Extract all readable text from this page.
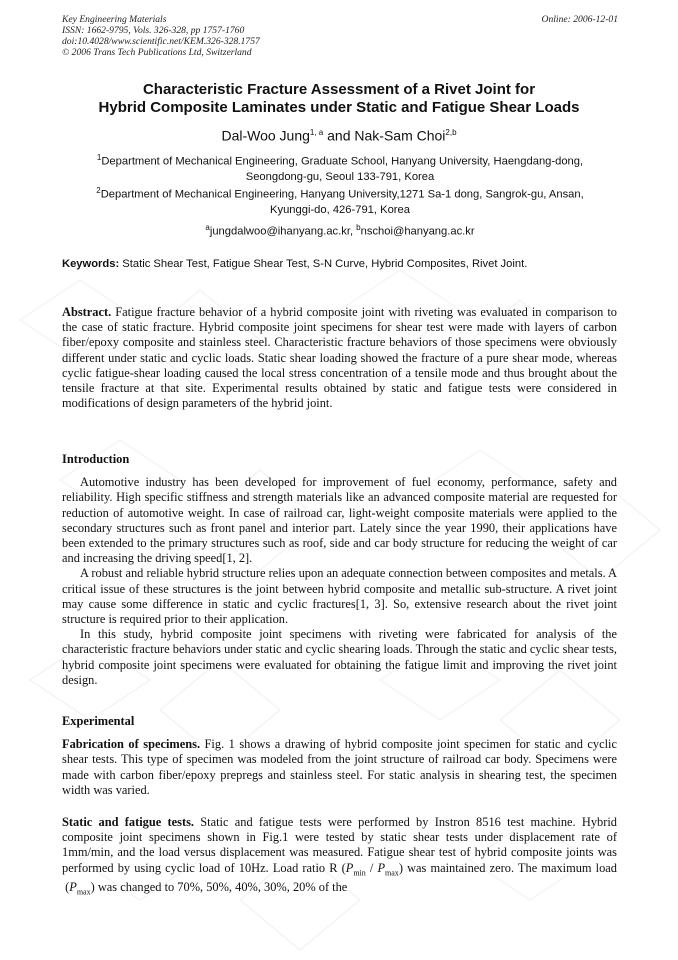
Key Engineering Materials
ISSN: 1662-9795, Vols. 326-328, pp 1757-1760
doi:10.4028/www.scientific.net/KEM.326-328.1757
© 2006 Trans Tech Publications Ltd, Switzerland
Online: 2006-12-01
Characteristic Fracture Assessment of a Rivet Joint for
Hybrid Composite Laminates under Static and Fatigue Shear Loads
Dal-Woo Jung$^{1, a}$ and Nak-Sam Choi$^{2,b}$
$^1$Department of Mechanical Engineering, Graduate School, Hanyang University, Haengdang-dong,
Seongdong-gu, Seoul 133-791, Korea
$^2$Department of Mechanical Engineering, Hanyang University,1271 Sa-1 dong, Sangrok-gu, Ansan,
Kyunggi-do, 426-791, Korea
$^a$jungdalwoo@ihanyang.ac.kr, $^b$nschoi@hanyang.ac.kr
Keywords: Static Shear Test, Fatigue Shear Test, S-N Curve, Hybrid Composites, Rivet Joint.

Abstract. Fatigue fracture behavior of a hybrid composite joint with riveting was evaluated in comparison to the case of static fracture. Hybrid composite joint specimens for shear test were made with layers of carbon fiber/epoxy composite and stainless steel. Characteristic fracture behaviors of those specimens were obviously different under static and cyclic loads. Static shear loading showed the fracture of a pure shear mode, whereas cyclic fatigue-shear loading caused the local stress concentration of a tensile mode and thus brought about the tensile fracture at that site. Experimental results obtained by static and fatigue tests were considered in modifications of design parameters of the hybrid joint.

Introduction

Automotive industry has been developed for improvement of fuel economy, performance, safety and reliability. High specific stiffness and strength materials like an advanced composite material are requested for reduction of automotive weight. In case of railroad car, light-weight composite materials were applied to the secondary structures such as front panel and interior part. Lately since the year 1990, their applications have been extended to the primary structures such as roof, side and car body structure for reducing the weight of car and increasing the driving speed[1, 2].

A robust and reliable hybrid structure relies upon an adequate connection between composites and metals. A critical issue of these structures is the joint between hybrid composite and metallic sub-structure. A rivet joint may cause some difference in static and cyclic fractures[1, 3]. So, extensive research about the rivet joint structure is required prior to their application.

In this study, hybrid composite joint specimens with riveting were fabricated for analysis of the characteristic fracture behaviors under static and cyclic shearing loads. Through the static and cyclic shear tests, hybrid composite joint specimens were evaluated for obtaining the fatigue limit and improving the rivet joint design.

Experimental

Fabrication of specimens. Fig. 1 shows a drawing of hybrid composite joint specimen for static and cyclic shear tests. This type of specimen was modeled from the joint structure of railroad car body. Specimens were made with carbon fiber/epoxy prepregs and stainless steel. For static analysis in shearing test, the specimen width was varied.

Static and fatigue tests. Static and fatigue tests were performed by Instron 8516 test machine. Hybrid composite joint specimens shown in Fig.1 were tested by static shear tests under displacement rate of 1mm/min, and the load versus displacement was measured. Fatigue shear test of hybrid composite joints was performed by using cyclic load of 10Hz. Load ratio R $(P_{min} / P_{max})$ was maintained zero. The maximum load $(P_{max})$ was changed to 70%, 50%, 40%, 30%, 20% of the
